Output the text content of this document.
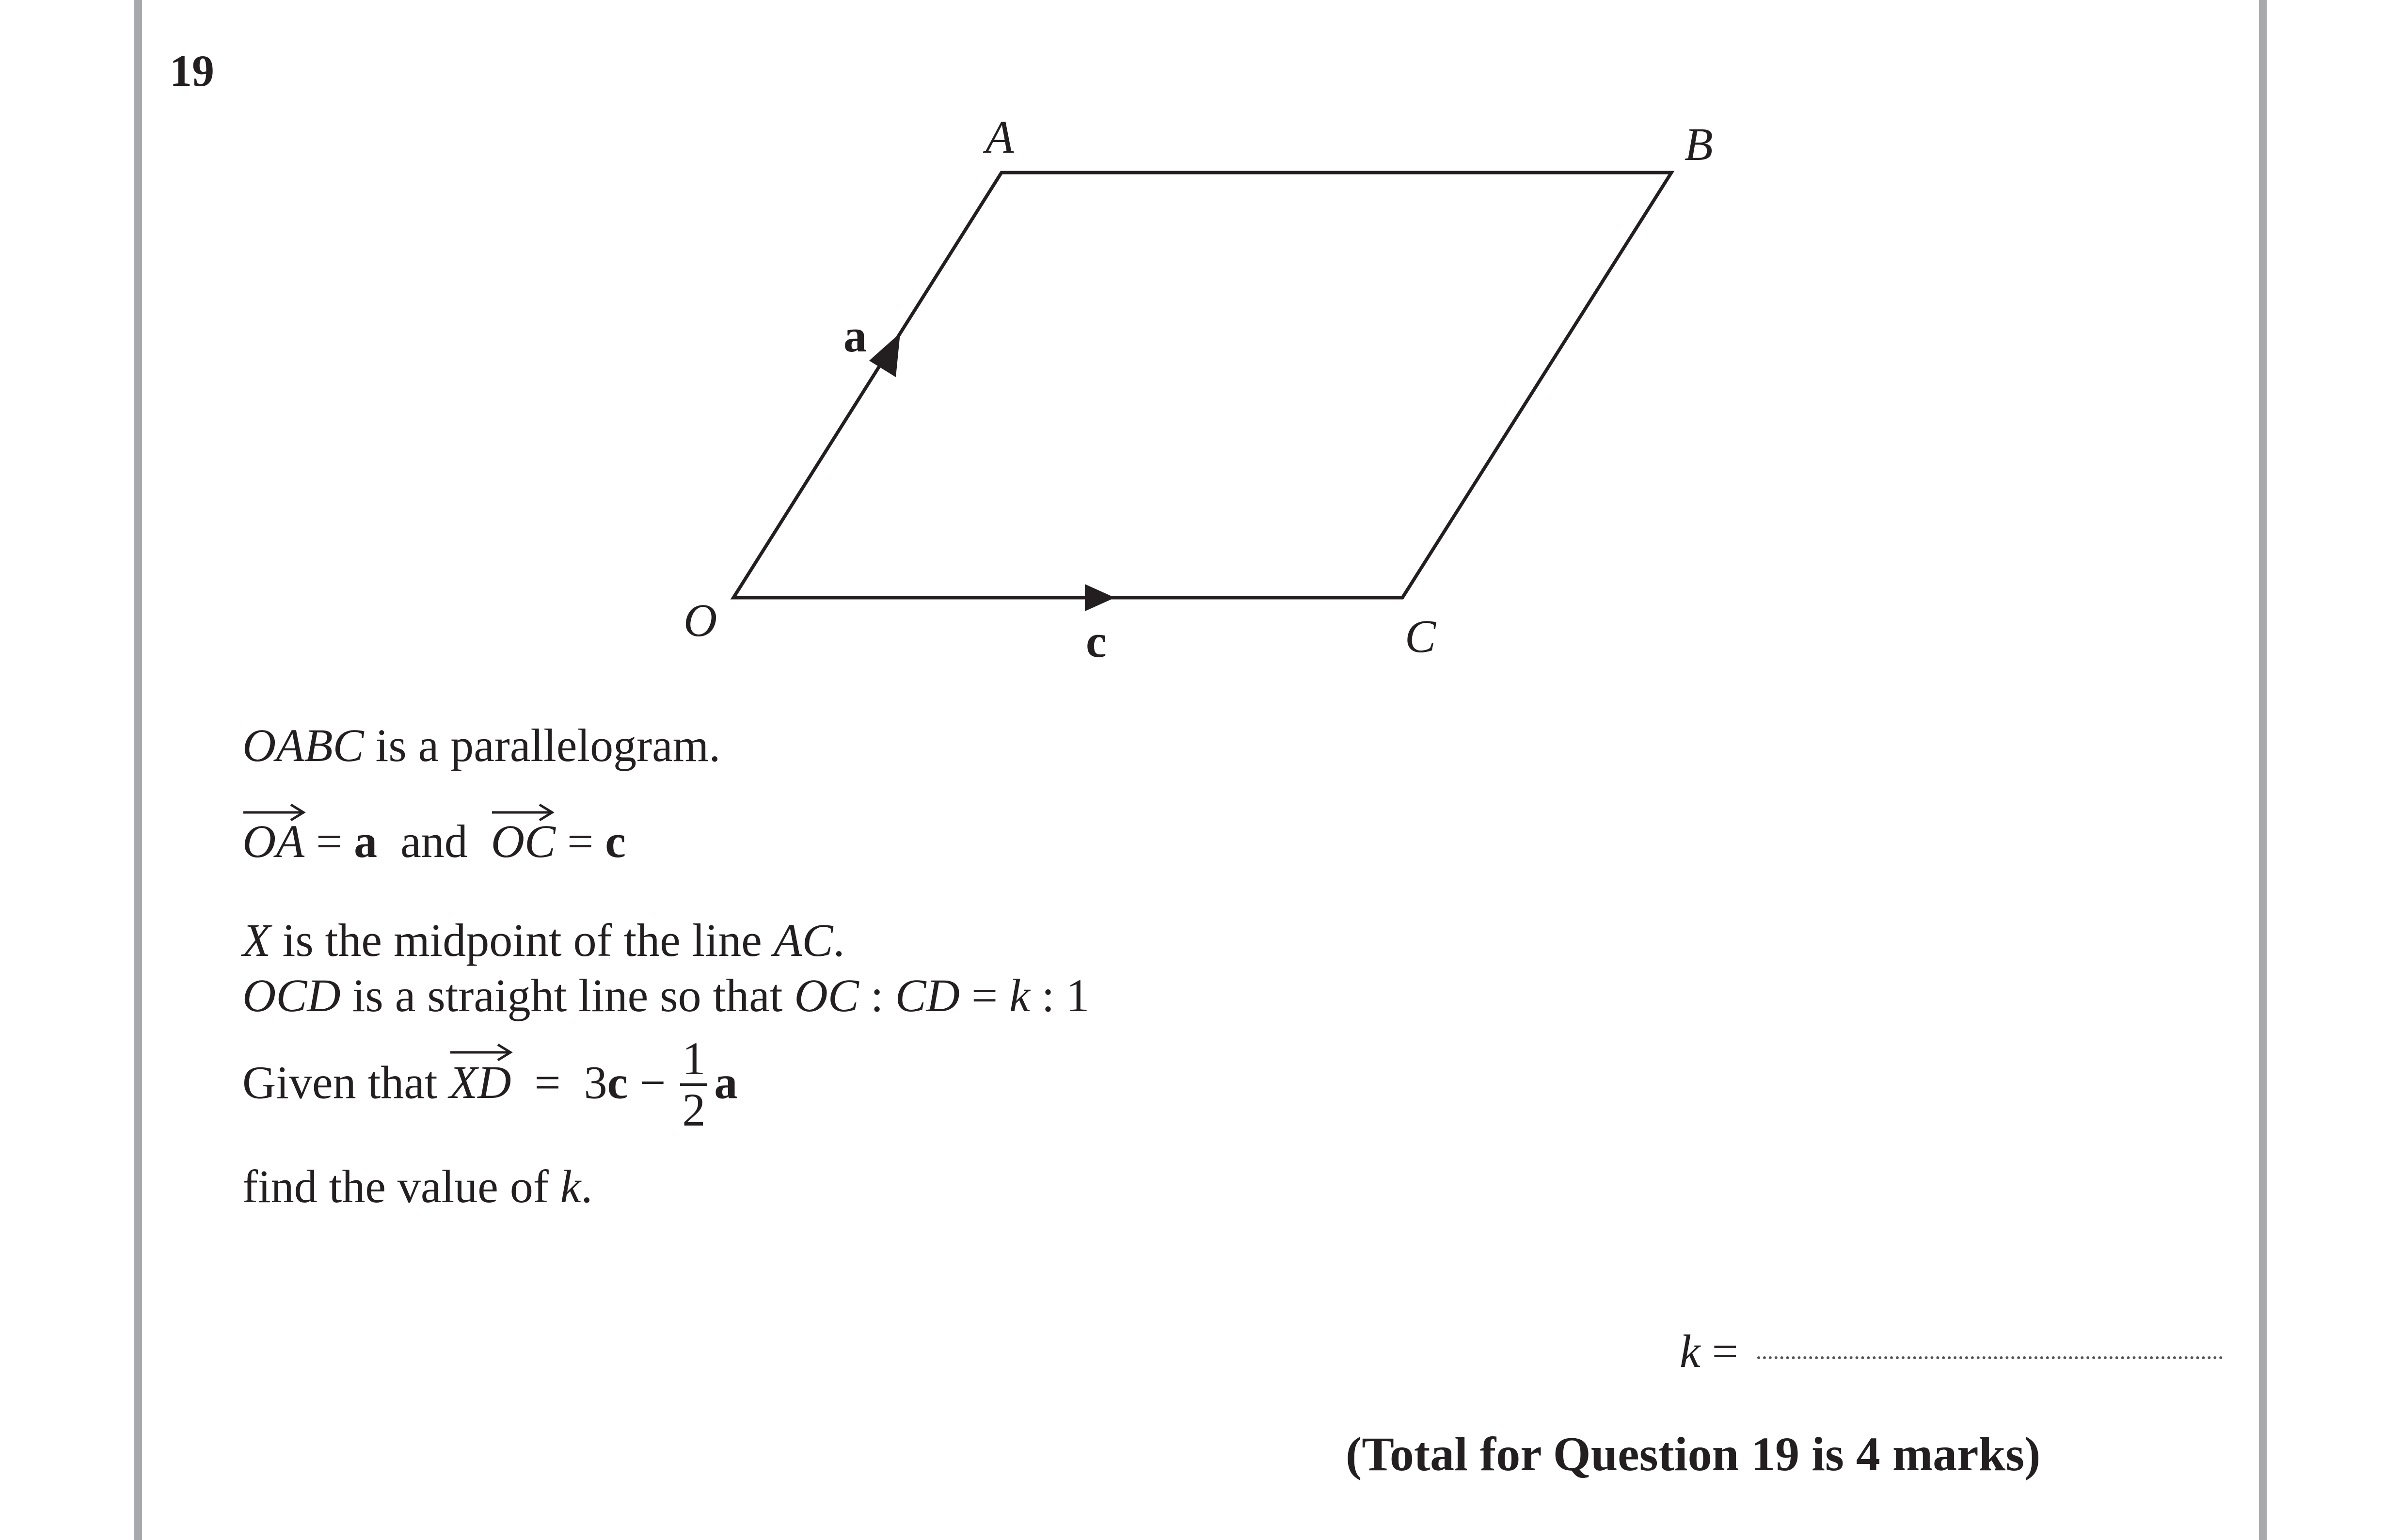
19
A	B
O	C
a
c
OABC is a parallelogram.
OA = a  and
OC = c
X is the midpoint of the line AC.
OCD is a straight line so that OC : CD = k : 1
Given that
XD  =  $3c - \frac{1}{2}$ a
find the value of k.
k =
(Total for Question 19 is 4 marks)
